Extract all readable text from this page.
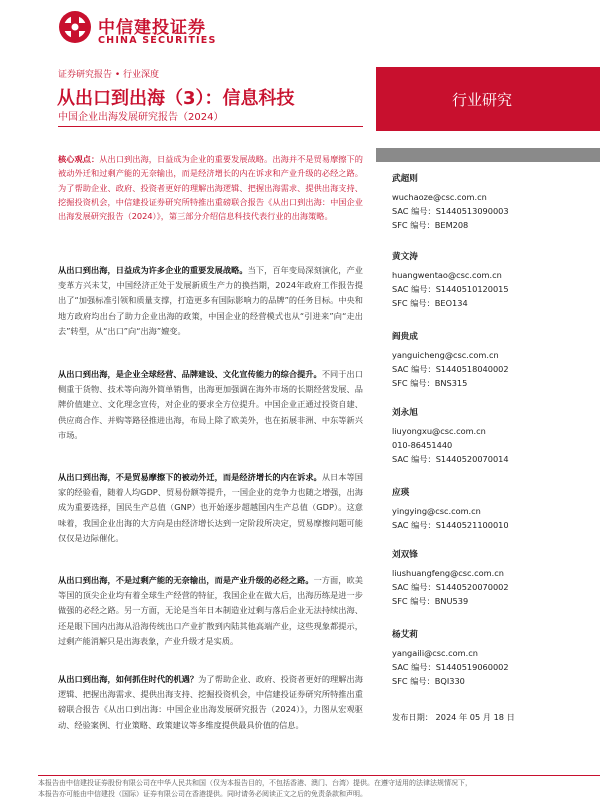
中信建投证券
CHINA SECURITIES
证券研究报告 • 行业深度
从出口到出海（3）：信息科技
中国企业出海发展研究报告（2024）
行业研究
核心观点：从出口到出海，日益成为企业的重要发展战略。出海并不是贸易摩擦下的被动外迁和过剩产能的无奈输出，而是经济增长的内在诉求和产业升级的必经之路。为了帮助企业、政府、投资者更好的理解出海逻辑、把握出海需求、提供出海支持、挖掘投资机会，中信建投证券研究所特推出重磅联合报告《从出口到出海：中国企业出海发展研究报告（2024）》，第三部分介绍信息科技代表行业的出海策略。
从出口到出海，日益成为许多企业的重要发展战略。当下，百年变局深刻演化，产业变革方兴未艾，中国经济正处于发展新质生产力的换挡期，2024年政府工作报告提出了“加强标准引领和质量支撑，打造更多有国际影响力的品牌”的任务目标。中央和地方政府均出台了助力企业出海的政策，中国企业的经营模式也从“引进来”向“走出去”转型，从“出口”向“出海”嬗变。
从出口到出海，是企业全球经营、品牌建设、文化宣传能力的综合提升。不同于出口侧重于货物、技术等向海外简单销售，出海更加强调在海外市场的长期经营发展、品牌价值建立、文化理念宣传，对企业的要求全方位提升。中国企业正通过投资自建、供应商合作、并购等路径推进出海，布局上除了欧美外，也在拓展非洲、中东等新兴市场。
从出口到出海，不是贸易摩擦下的被动外迁，而是经济增长的内在诉求。从日本等国家的经验看，随着人均GDP、贸易份额等提升，一国企业的竞争力也随之增强，出海成为重要选择，国民生产总值（GNP）也开始逐步超越国内生产总值（GDP）。这意味着，我国企业出海的大方向是由经济增长达到一定阶段所决定，贸易摩擦问题可能仅仅是边际催化。
从出口到出海，不是过剩产能的无奈输出，而是产业升级的必经之路。一方面，欧美等国的顶尖企业均有着全球生产经营的特征，我国企业在做大后，出海历练是进一步做强的必经之路。另一方面，无论是当年日本制造业过剩与落后企业无法持续出海、还是眼下国内出海从沿海传统出口产业扩散到内陆其他高端产业，这些现象都提示，过剩产能消解只是出海表象，产业升级才是实质。
从出口到出海，如何抓住时代的机遇？为了帮助企业、政府、投资者更好的理解出海逻辑、把握出海需求、提供出海支持、挖掘投资机会，中信建投证券研究所特推出重磅联合报告《从出口到出海：中国企业出海发展研究报告（2024）》，力图从宏观驱动、经验案例、行业策略、政策建议等多维度提供最具价值的信息。
武超则
wuchaoze@csc.com.cn
SAC 编号：S1440513090003
SFC 编号：BEM208
黄文涛
huangwentao@csc.com.cn
SAC 编号：S1440510120015
SFC 编号：BEO134
阎贵成
yanguicheng@csc.com.cn
SAC 编号：S1440518040002
SFC 编号：BNS315
刘永旭
liuyongxu@csc.com.cn
010-86451440
SAC 编号：S1440520070014
应瑛
yingying@csc.com.cn
SAC 编号：S1440521100010
刘双锋
liushuangfeng@csc.com.cn
SAC 编号：S1440520070002
SFC 编号：BNU539
杨艾莉
yangaili@csc.com.cn
SAC 编号：S1440519060002
SFC 编号：BQI330
发布日期： 2024 年 05 月 18 日
本报告由中信建投证券股份有限公司在中华人民共和国（仅为本报告目的，不包括香港、澳门、台湾）提供。在遵守适用的法律法规情况下，
本报告亦可能由中信建投（国际）证券有限公司在香港提供。同时请务必阅读正文之后的免责条款和声明。
